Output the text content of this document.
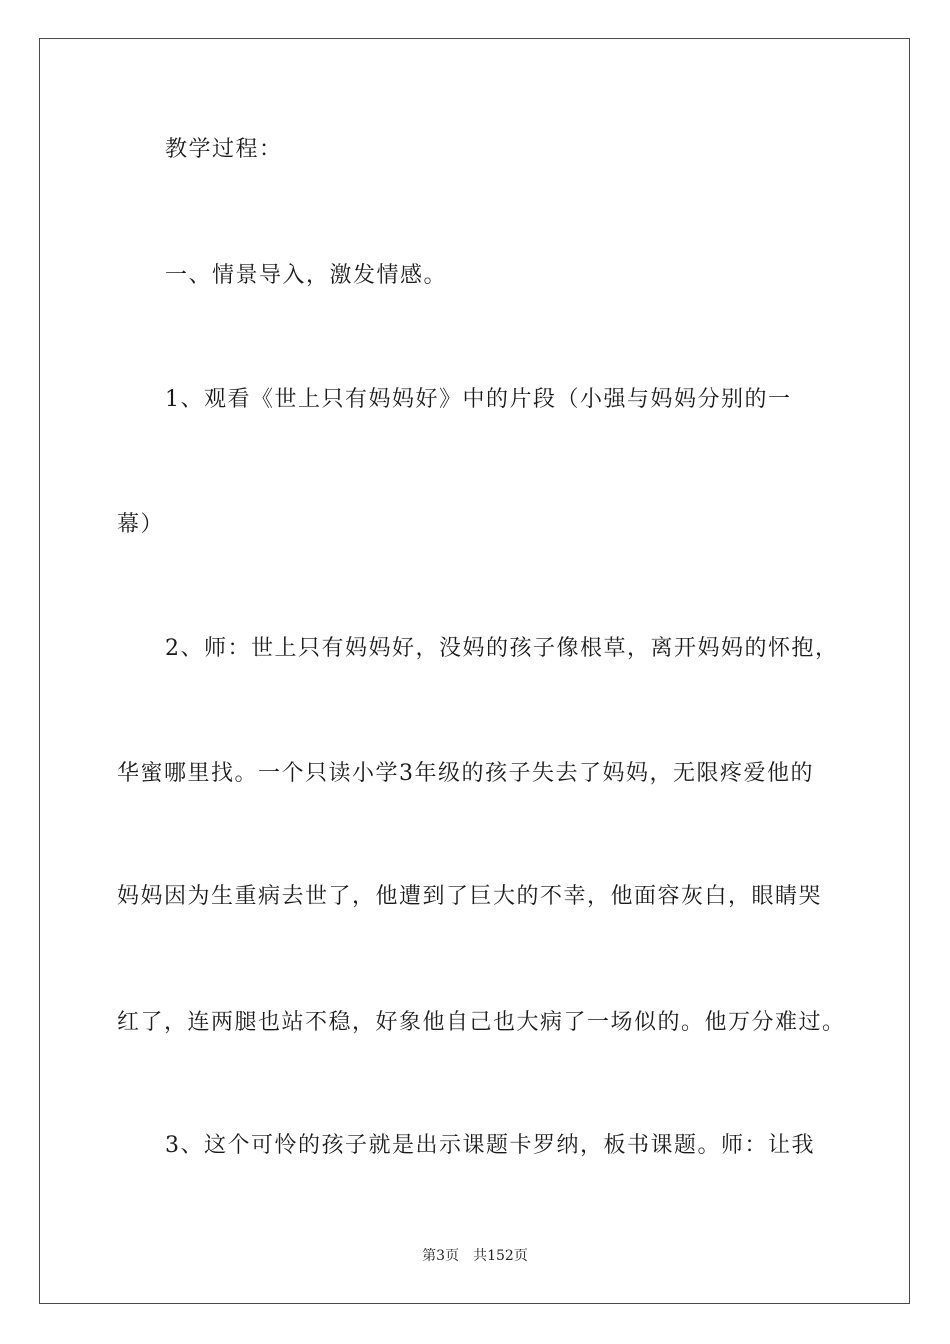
教学过程：
一、情景导入，激发情感。
1、观看《世上只有妈妈好》中的片段（小强与妈妈分别的一
幕）
2、师：世上只有妈妈好，没妈的孩子像根草，离开妈妈的怀抱，
华蜜哪里找。一个只读小学3年级的孩子失去了妈妈，无限疼爱他的
妈妈因为生重病去世了，他遭到了巨大的不幸，他面容灰白，眼睛哭
红了，连两腿也站不稳，好象他自己也大病了一场似的。他万分难过。
3、这个可怜的孩子就是出示课题卡罗纳，板书课题。师：让我
第3页 共152页
